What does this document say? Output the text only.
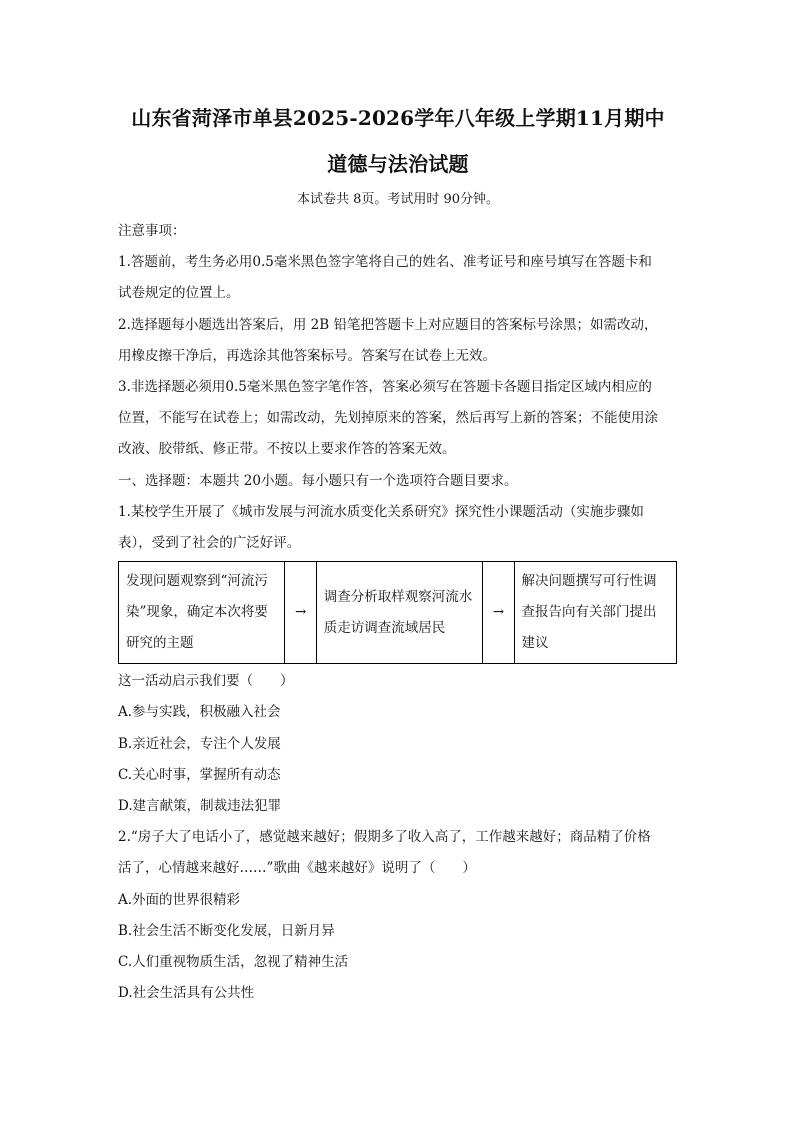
山东省菏泽市单县2025-2026学年八年级上学期11月期中
道德与法治试题
本试卷共 8页。考试用时 90分钟。

注意事项：

1.答题前，考生务必用0.5毫米黑色签字笔将自己的姓名、准考证号和座号填写在答题卡和

试卷规定的位置上。

2.选择题每小题选出答案后，用 2B 铅笔把答题卡上对应题目的答案标号涂黑；如需改动，

用橡皮擦干净后，再选涂其他答案标号。答案写在试卷上无效。

3.非选择题必须用0.5毫米黑色签字笔作答，答案必须写在答题卡各题目指定区域内相应的

位置，不能写在试卷上；如需改动，先划掉原来的答案，然后再写上新的答案；不能使用涂

改液、胶带纸、修正带。不按以上要求作答的答案无效。

一、选择题：本题共 20小题。每小题只有一个选项符合题目要求。

1.某校学生开展了《城市发展与河流水质变化关系研究》探究性小课题活动（实施步骤如

表），受到了社会的广泛好评。

发现问题观察到“河流污染”现象，确定本次将要研究的主题	→	调查分析取样观察河流水质走访调查流域居民	→	解决问题撰写可行性调查报告向有关部门提出建议

这一活动启示我们要（　　）

A.参与实践，积极融入社会

B.亲近社会，专注个人发展

C.关心时事，掌握所有动态

D.建言献策，制裁违法犯罪

2.“房子大了电话小了，感觉越来越好；假期多了收入高了，工作越来越好；商品精了价格

活了，心情越来越好……”歌曲《越来越好》说明了（　　）

A.外面的世界很精彩

B.社会生活不断变化发展，日新月异

C.人们重视物质生活，忽视了精神生活

D.社会生活具有公共性
